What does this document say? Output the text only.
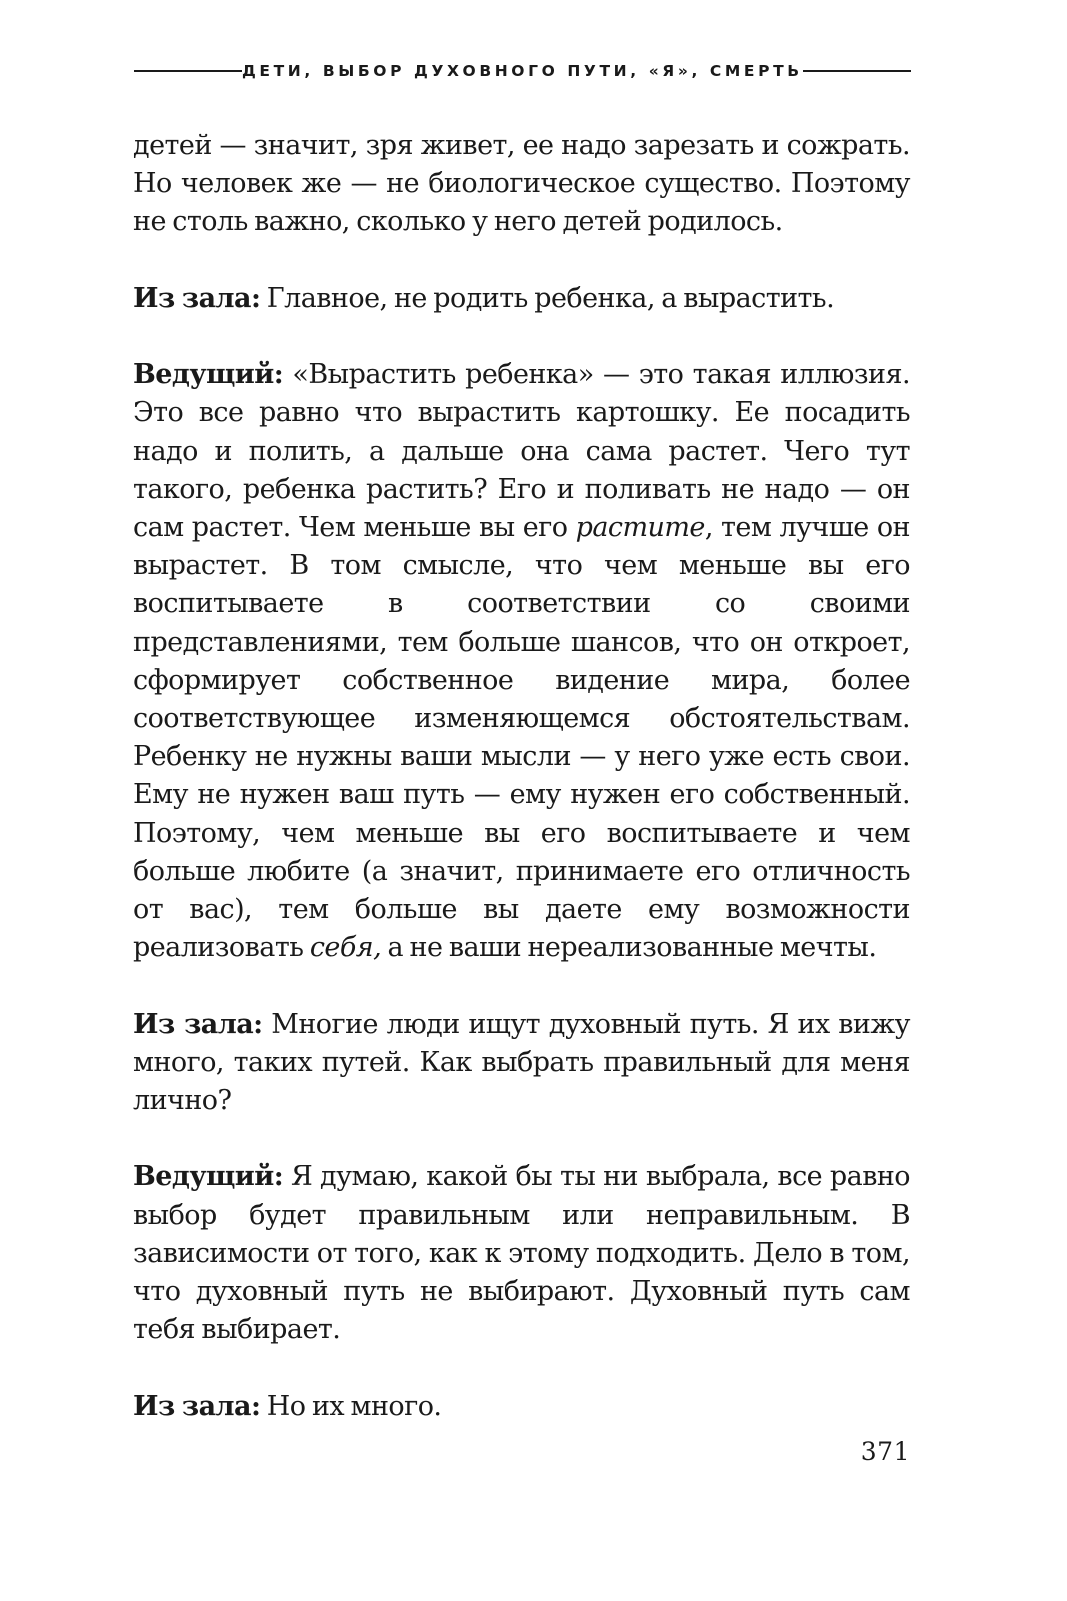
ДЕТИ, ВЫБОР ДУХОВНОГО ПУТИ, «Я», СМЕРТЬ

детей — значит, зря живет, ее надо зарезать и сожрать. Но человек же — не биологическое существо. Поэтому не столь важно, сколько у него детей родилось.

Из зала: Главное, не родить ребенка, а вырастить.

Ведущий: «Вырастить ребенка» — это такая иллюзия. Это все равно что вырастить картошку. Ее посадить надо и полить, а дальше она сама растет. Чего тут такого, ребенка растить? Его и поливать не надо — он сам растет. Чем меньше вы его растите, тем лучше он вырастет. В том смысле, что чем меньше вы его воспитываете в соответствии со своими представлениями, тем больше шансов, что он откроет, сформирует собственное видение мира, более соответствующее изменяющемся обстоятельствам. Ребенку не нужны ваши мысли — у него уже есть свои. Ему не нужен ваш путь — ему нужен его собственный. Поэтому, чем меньше вы его воспитываете и чем больше любите (а значит, принимаете его отличность от вас), тем больше вы даете ему возможности реализовать себя, а не ваши нереализованные мечты.

Из зала: Многие люди ищут духовный путь. Я их вижу много, таких путей. Как выбрать правильный для меня лично?

Ведущий: Я думаю, какой бы ты ни выбрала, все равно выбор будет правильным или неправильным. В зависимости от того, как к этому подходить. Дело в том, что духовный путь не выбирают. Духовный путь сам тебя выбирает.

Из зала: Но их много.

371
